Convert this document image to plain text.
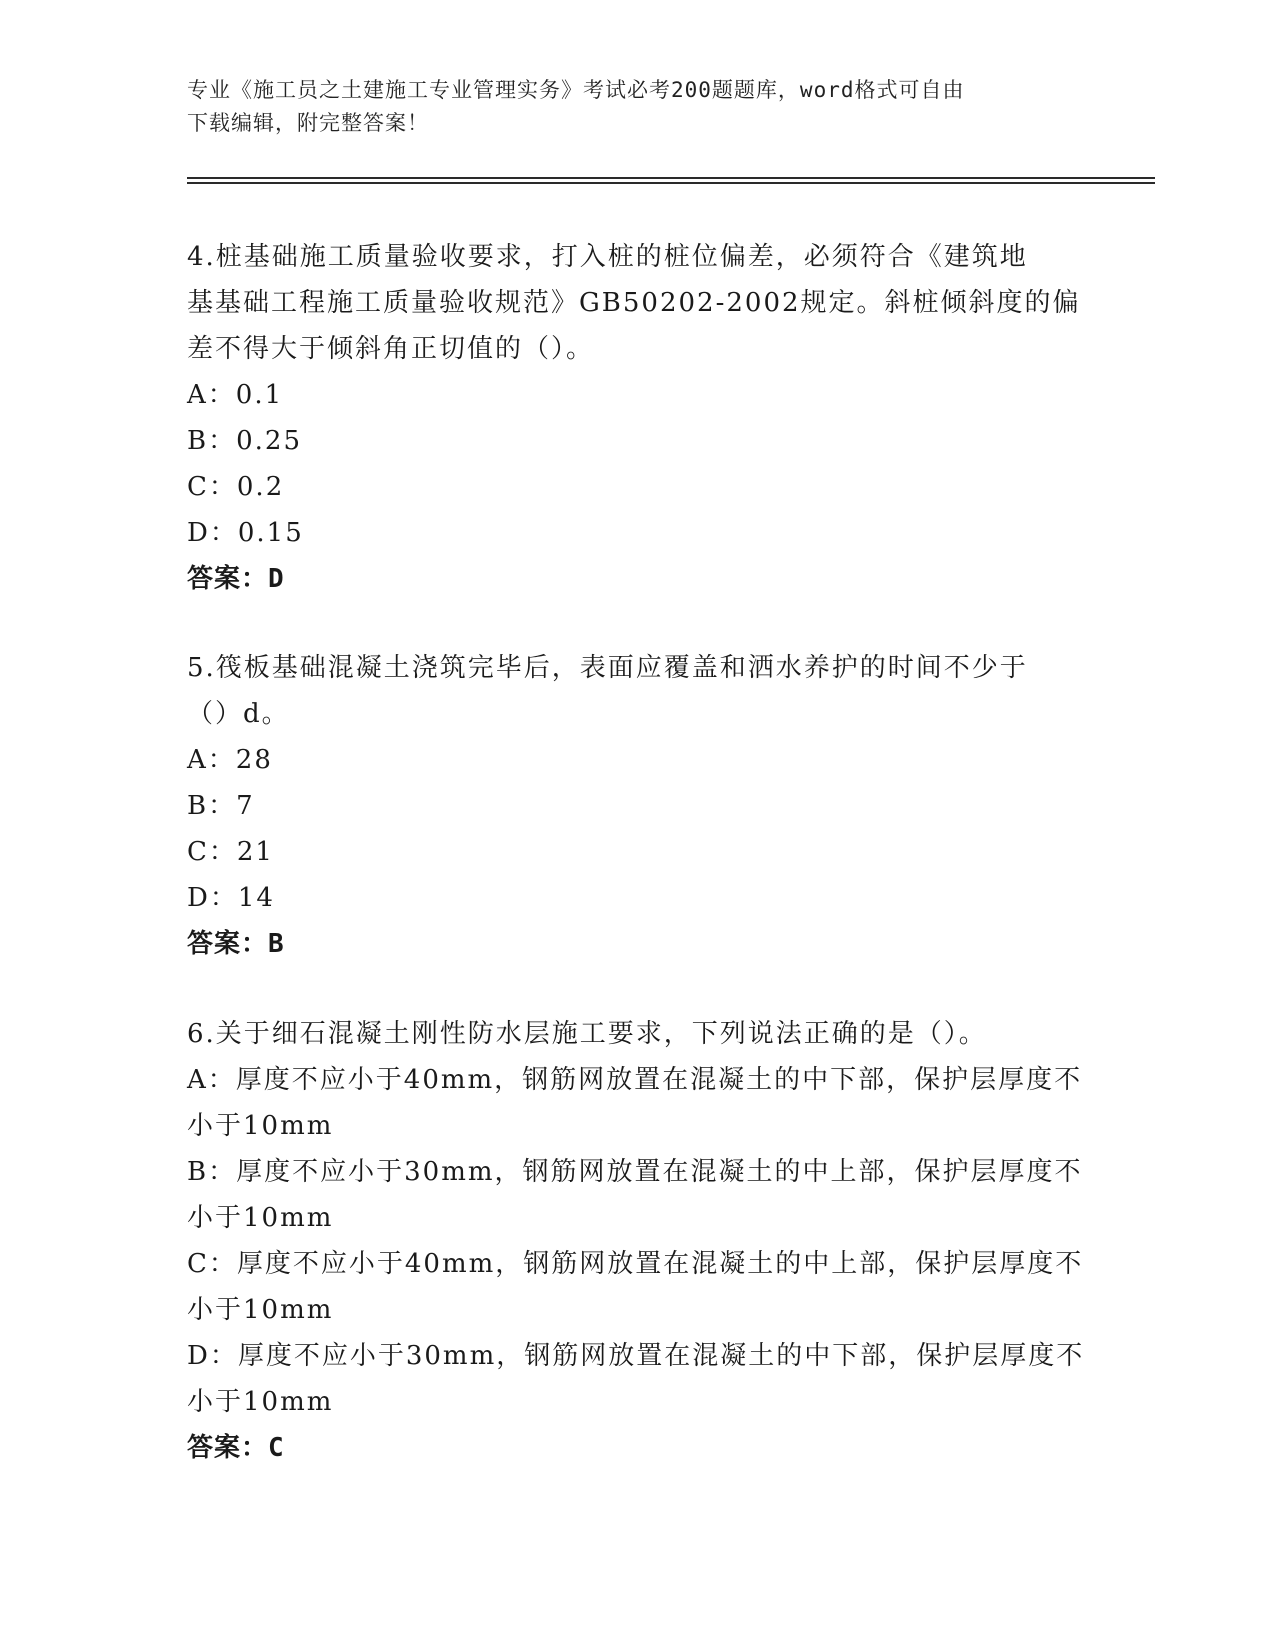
专业《施工员之土建施工专业管理实务》考试必考200题题库，word格式可自由
下载编辑，附完整答案！
4.桩基础施工质量验收要求，打入桩的桩位偏差，必须符合《建筑地
基基础工程施工质量验收规范》GB50202-2002规定。斜桩倾斜度的偏
差不得大于倾斜角正切值的（）。
A：0.1
B：0.25
C：0.2
D：0.15
答案：D
5.筏板基础混凝土浇筑完毕后，表面应覆盖和洒水养护的时间不少于
（）d。
A：28
B：7
C：21
D：14
答案：B
6.关于细石混凝土刚性防水层施工要求，下列说法正确的是（）。
A：厚度不应小于40mm，钢筋网放置在混凝土的中下部，保护层厚度不
小于10mm
B：厚度不应小于30mm，钢筋网放置在混凝土的中上部，保护层厚度不
小于10mm
C：厚度不应小于40mm，钢筋网放置在混凝土的中上部，保护层厚度不
小于10mm
D：厚度不应小于30mm，钢筋网放置在混凝土的中下部，保护层厚度不
小于10mm
答案：C
